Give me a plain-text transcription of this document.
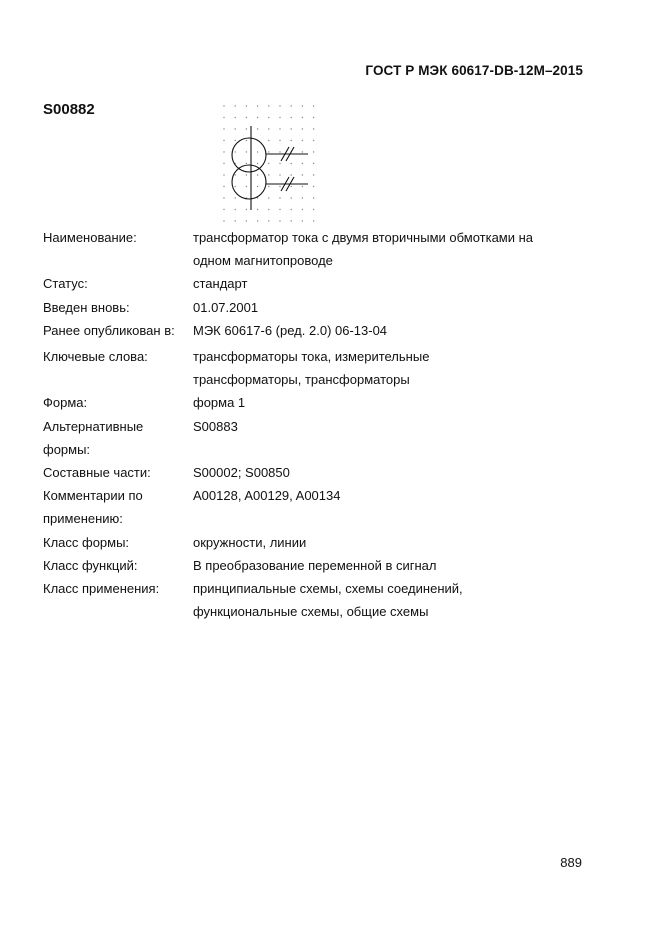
ГОСТ Р МЭК 60617-DB-12M–2015
S00882
Наименование:	трансформатор тока с двумя вторичными обмотками на
одном магнитопроводе
Статус:	стандарт
Введен вновь:	01.07.2001
Ранее опубликован в:	МЭК 60617-6 (ред. 2.0) 06-13-04
Ключевые слова:	трансформаторы тока, измерительные
трансформаторы, трансформаторы
Форма:	форма 1
Альтернативные
формы:
S00883
Составные части:	S00002; S00850
Комментарии по
применению:
A00128, A00129, A00134
Класс формы:	окружности, линии
Класс функций:	В преобразование переменной в сигнал
Класс применения:	принципиальные схемы, схемы соединений,
функциональные схемы, общие схемы
889
